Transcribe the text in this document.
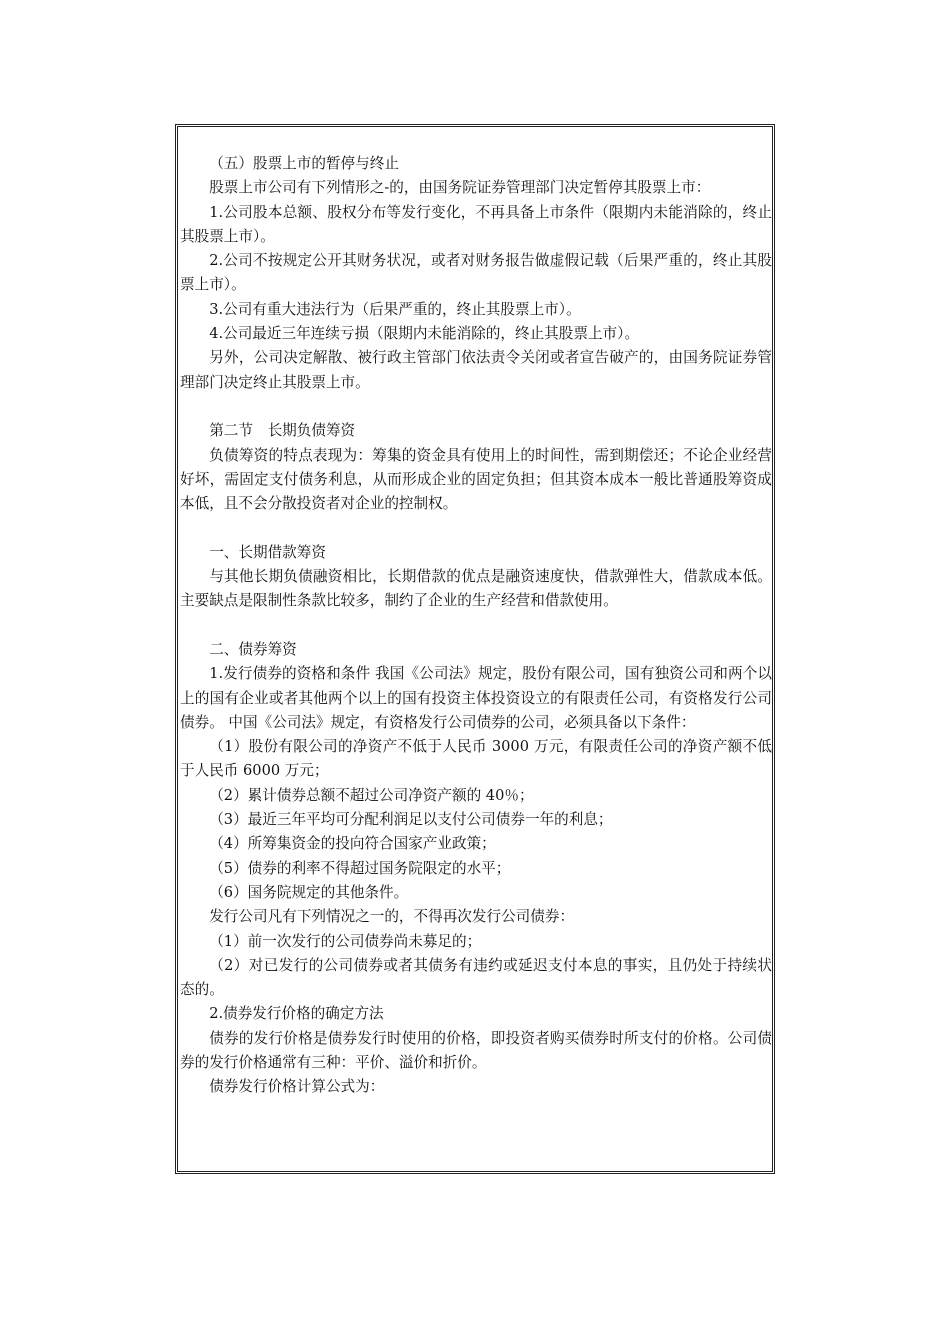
（五）股票上市的暂停与终止

股票上市公司有下列情形之-的，由国务院证券管理部门决定暂停其股票上市：

1.公司股本总额、股权分布等发行变化，不再具备上市条件（限期内未能消除的，终止其股票上市）。

2.公司不按规定公开其财务状况，或者对财务报告做虚假记载（后果严重的，终止其股票上市）。

3.公司有重大违法行为（后果严重的，终止其股票上市）。

4.公司最近三年连续亏损（限期内未能消除的，终止其股票上市）。

另外，公司决定解散、被行政主管部门依法责令关闭或者宣告破产的，由国务院证券管理部门决定终止其股票上市。

第二节　长期负债筹资

负债筹资的特点表现为：筹集的资金具有使用上的时间性，需到期偿还；不论企业经营好坏，需固定支付债务利息，从而形成企业的固定负担；但其资本成本一般比普通股筹资成本低，且不会分散投资者对企业的控制权。

一、长期借款筹资

与其他长期负债融资相比，长期借款的优点是融资速度快，借款弹性大，借款成本低。主要缺点是限制性条款比较多，制约了企业的生产经营和借款使用。

二、债券筹资

1.发行债券的资格和条件 我国《公司法》规定，股份有限公司，国有独资公司和两个以上的国有企业或者其他两个以上的国有投资主体投资设立的有限责任公司，有资格发行公司债券。 中国《公司法》规定，有资格发行公司债券的公司，必须具备以下条件：

（1）股份有限公司的净资产不低于人民币 3000 万元，有限责任公司的净资产额不低于人民币 6000 万元；

（2）累计债券总额不超过公司净资产额的 40％；

（3）最近三年平均可分配利润足以支付公司债券一年的利息；

（4）所筹集资金的投向符合国家产业政策；

（5）债券的利率不得超过国务院限定的水平；

（6）国务院规定的其他条件。

发行公司凡有下列情况之一的，不得再次发行公司债券：

（1）前一次发行的公司债券尚未募足的；

（2）对已发行的公司债券或者其债务有违约或延迟支付本息的事实，且仍处于持续状态的。

2.债券发行价格的确定方法

债券的发行价格是债券发行时使用的价格，即投资者购买债券时所支付的价格。公司债券的发行价格通常有三种：平价、溢价和折价。

债券发行价格计算公式为：
